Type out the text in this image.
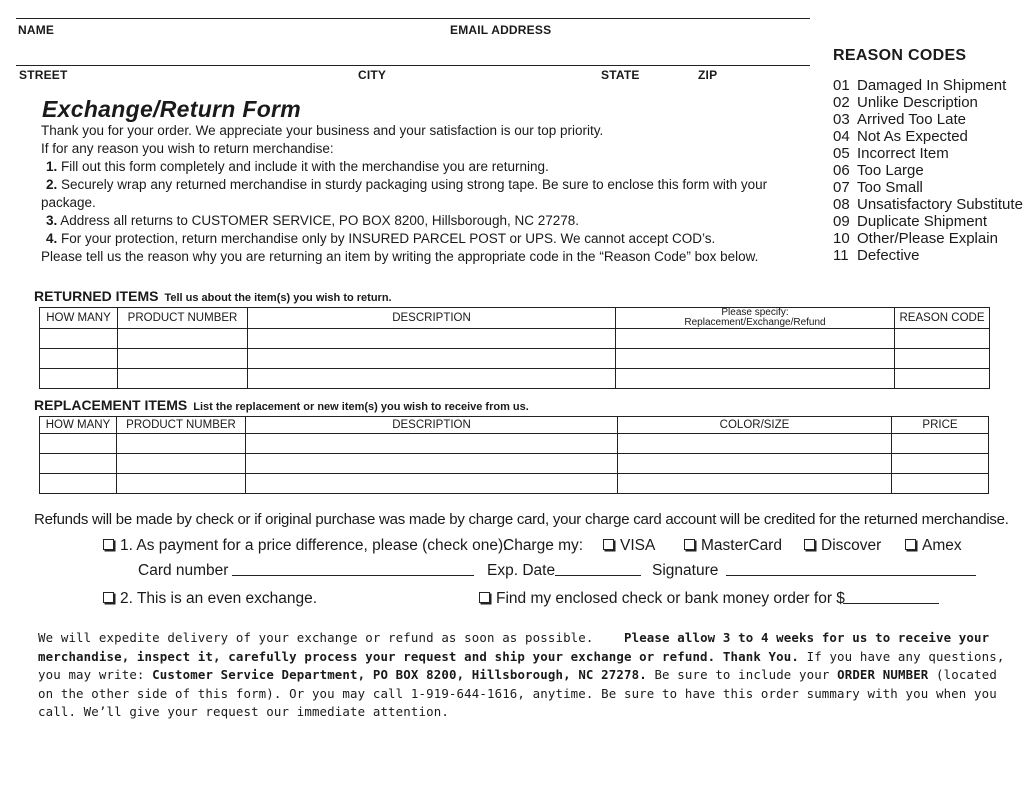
NAME	EMAIL ADDRESS
STREET	CITY	STATE	ZIP
Exchange/Return Form
Thank you for your order. We appreciate your business and your satisfaction is our top priority.
If for any reason you wish to return merchandise:
1. Fill out this form completely and include it with the merchandise you are returning.
2. Securely wrap any returned merchandise in sturdy packaging using strong tape. Be sure to enclose this form with your
package.
3. Address all returns to CUSTOMER SERVICE, PO BOX 8200, Hillsborough, NC 27278.
4. For your protection, return merchandise only by INSURED PARCEL POST or UPS. We cannot accept COD’s.
Please tell us the reason why you are returning an item by writing the appropriate code in the “Reason Code” box below.
REASON CODES
01 Damaged In Shipment
02 Unlike Description
03 Arrived Too Late
04 Not As Expected
05 Incorrect Item
06 Too Large
07 Too Small
08 Unsatisfactory Substitute
09 Duplicate Shipment
10 Other/Please Explain
11 Defective
RETURNED ITEMS Tell us about the item(s) you wish to return.
HOW MANY	PRODUCT NUMBER	DESCRIPTION	Please specify:
Replacement/Exchange/Refund	REASON CODE

REPLACEMENT ITEMS List the replacement or new item(s) you wish to receive from us.
HOW MANY	PRODUCT NUMBER	DESCRIPTION	COLOR/SIZE	PRICE

Refunds will be made by check or if original purchase was made by charge card, your charge card account will be credited for the returned merchandise.
1. As payment for a price difference, please (check one):
Charge my:	VISA	MasterCard	Discover	Amex
Card number	Exp. Date	Signature
2. This is an even exchange.	Find my enclosed check or bank money order for $
We will expedite delivery of your exchange or refund as soon as possible. Please allow 3 to 4 weeks for us to receive your merchandise, inspect it, carefully process your request and ship your exchange or refund. Thank You. If you have any questions, you may write: Customer Service Department, PO BOX 8200, Hillsborough, NC 27278. Be sure to include your ORDER NUMBER (located on the other side of this form). Or you may call 1-919-644-1616, anytime. Be sure to have this order summary with you when you call. We’ll give your request our immediate attention.
